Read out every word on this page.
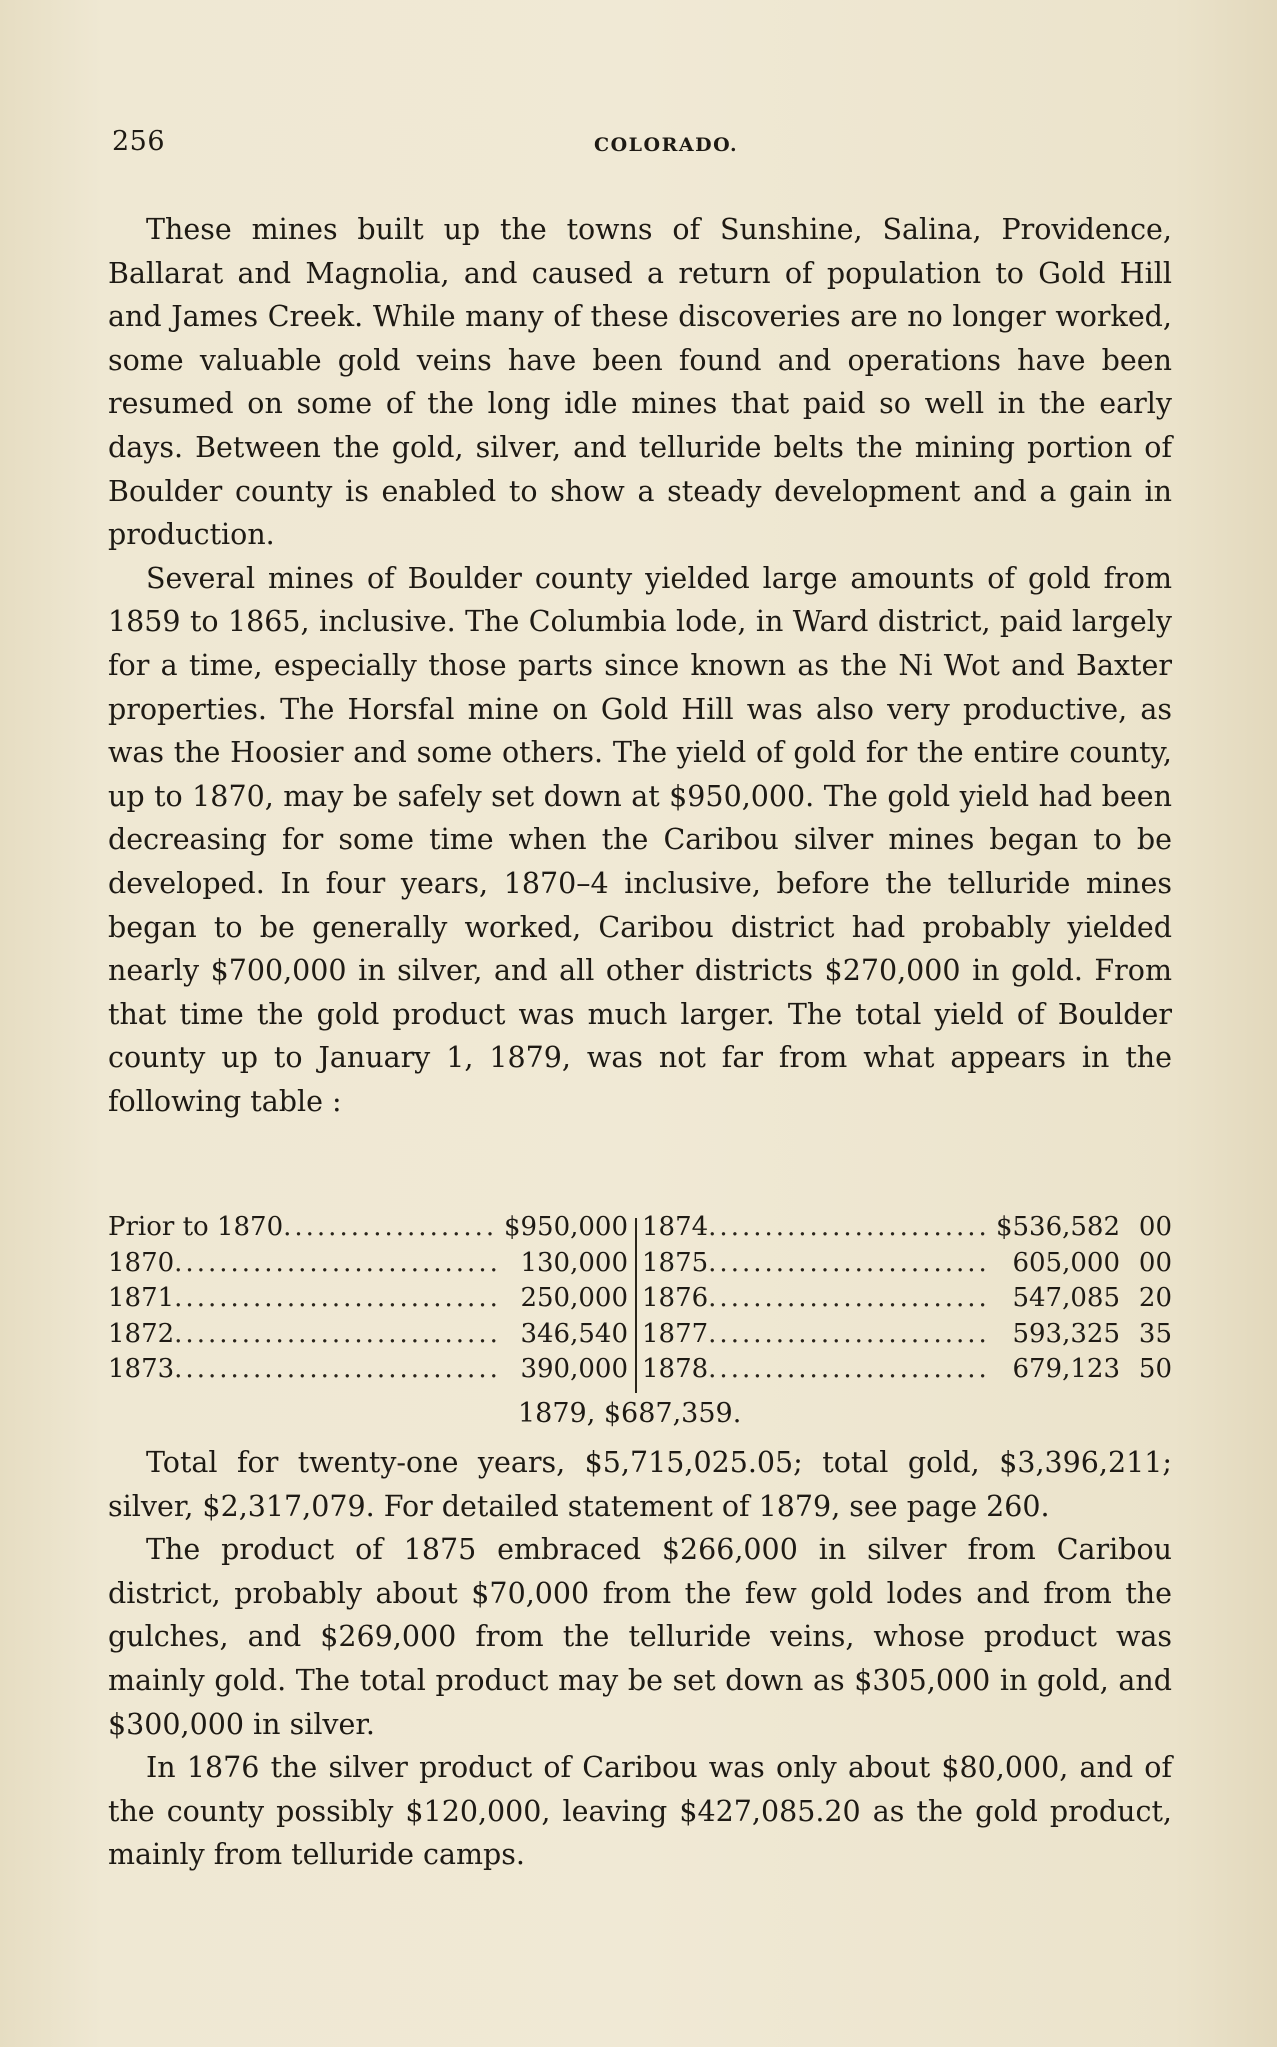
256	COLORADO.

These mines built up the towns of Sunshine, Salina, Providence, Ballarat and Magnolia, and caused a return of population to Gold Hill and James Creek. While many of these discoveries are no longer worked, some valuable gold veins have been found and operations have been resumed on some of the long idle mines that paid so well in the early days. Between the gold, silver, and telluride belts the mining portion of Boulder county is enabled to show a steady development and a gain in production.

Several mines of Boulder county yielded large amounts of gold from 1859 to 1865, inclusive. The Columbia lode, in Ward district, paid largely for a time, especially those parts since known as the Ni Wot and Baxter properties. The Horsfal mine on Gold Hill was also very productive, as was the Hoosier and some others. The yield of gold for the entire county, up to 1870, may be safely set down at $950,000. The gold yield had been decreasing for some time when the Caribou silver mines began to be developed. In four years, 1870–4 inclusive, before the telluride mines began to be generally worked, Caribou district had probably yielded nearly $700,000 in silver, and all other districts $270,000 in gold. From that time the gold product was much larger. The total yield of Boulder county up to January 1, 1879, was not far from what appears in the following table :

Prior to 1870 .....	$950,000
1870 .....	130,000
1871 .....	250,000
1872 .....	346,540
1873 .....	390,000
1874 .....	$536,582 00
1875 .....	605,000 00
1876 .....	547,085 20
1877 .....	593,325 35
1878 .....	679,123 50
1879, $687,359.

Total for twenty-one years, $5,715,025.05; total gold, $3,396,211; silver, $2,317,079. For detailed statement of 1879, see page 260.

The product of 1875 embraced $266,000 in silver from Caribou district, probably about $70,000 from the few gold lodes and from the gulches, and $269,000 from the telluride veins, whose product was mainly gold. The total product may be set down as $305,000 in gold, and $300,000 in silver.

In 1876 the silver product of Caribou was only about $80,000, and of the county possibly $120,000, leaving $427,085.20 as the gold product, mainly from telluride camps.
